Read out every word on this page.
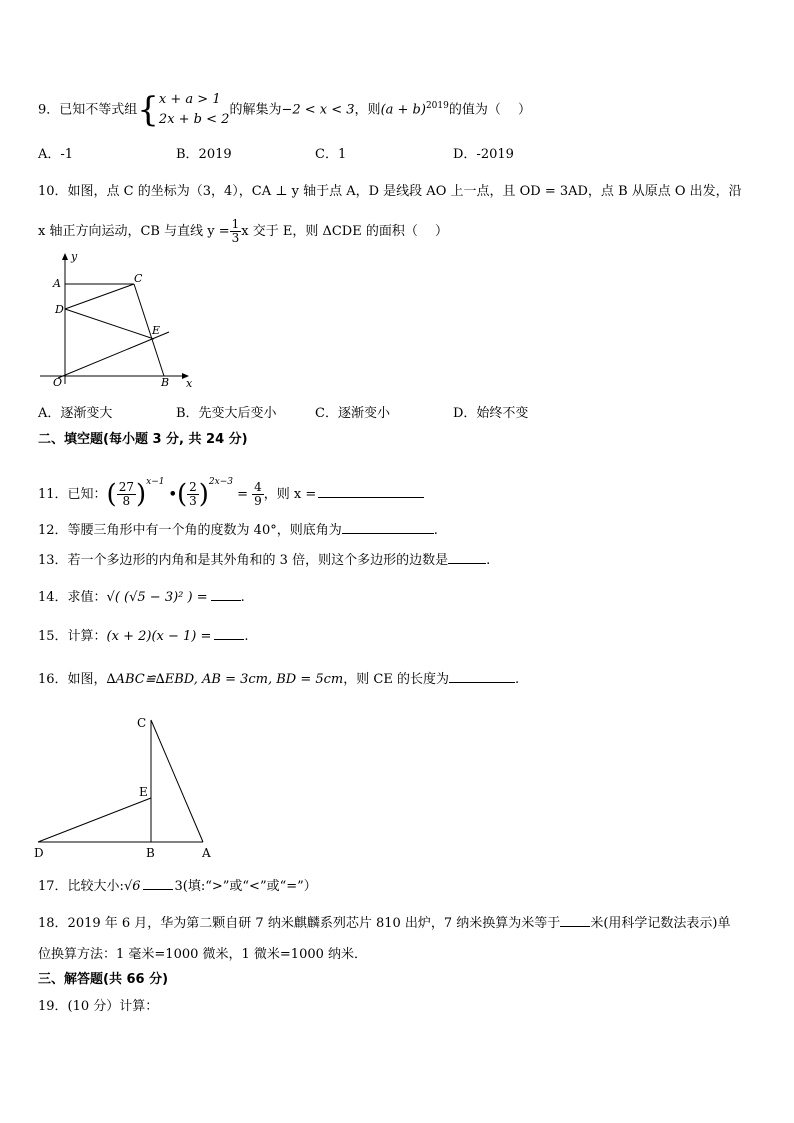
9．已知不等式组{x + a > 1
2x + b < 2的解集为−2 < x < 3，则$(a + b)^{2019}$的值为（　 ）
A．-1	B．2019	C．1	D．-2019
10．如图，点 C 的坐标为（3，4），CA ⊥ y 轴于点 A，D 是线段 AO 上一点，且 OD = 3AD，点 B 从原点 O 出发，沿
x 轴正方向运动，CB 与直线 $y = \frac{1}{3}$ x 交于 E，则 ΔCDE 的面积（　 ）
y
A	C
D
E
O	B x
A．逐渐变大	B．先变大后变小	C．逐渐变小	D．始终不变
二、填空题(每小题 3 分, 共 24 分)
11．已知：( $\frac{27}{8} )^{x-1}$ •( $\frac{2}{3} )^{2x-3} = \frac{4}{9}$ ，则 x =
12．等腰三角形中有一个角的度数为 40°，则底角为	.
13．若一个多边形的内角和是其外角和的 3 倍，则这个多边形的边数是	.
14．求值：√( (√5 − 3)² ) =	.
15．计算：(x + 2)(x − 1) =	.
16．如图，∆ABC≌∆EBD, AB = 3cm, BD = 5cm，则 CE 的长度为	.
C
E
D	B	A
17．比较大小:√6	3(填:“>”或“<”或“=”）
18．2019 年 6 月，华为第二颗自研 7 纳米麒麟系列芯片 810 出炉，7 纳米换算为米等于 米(用科学记数法表示)单
位换算方法：1 毫米=1000 微米，1 微米=1000 纳米．
三、解答题(共 66 分)
19．(10 分）计算：
